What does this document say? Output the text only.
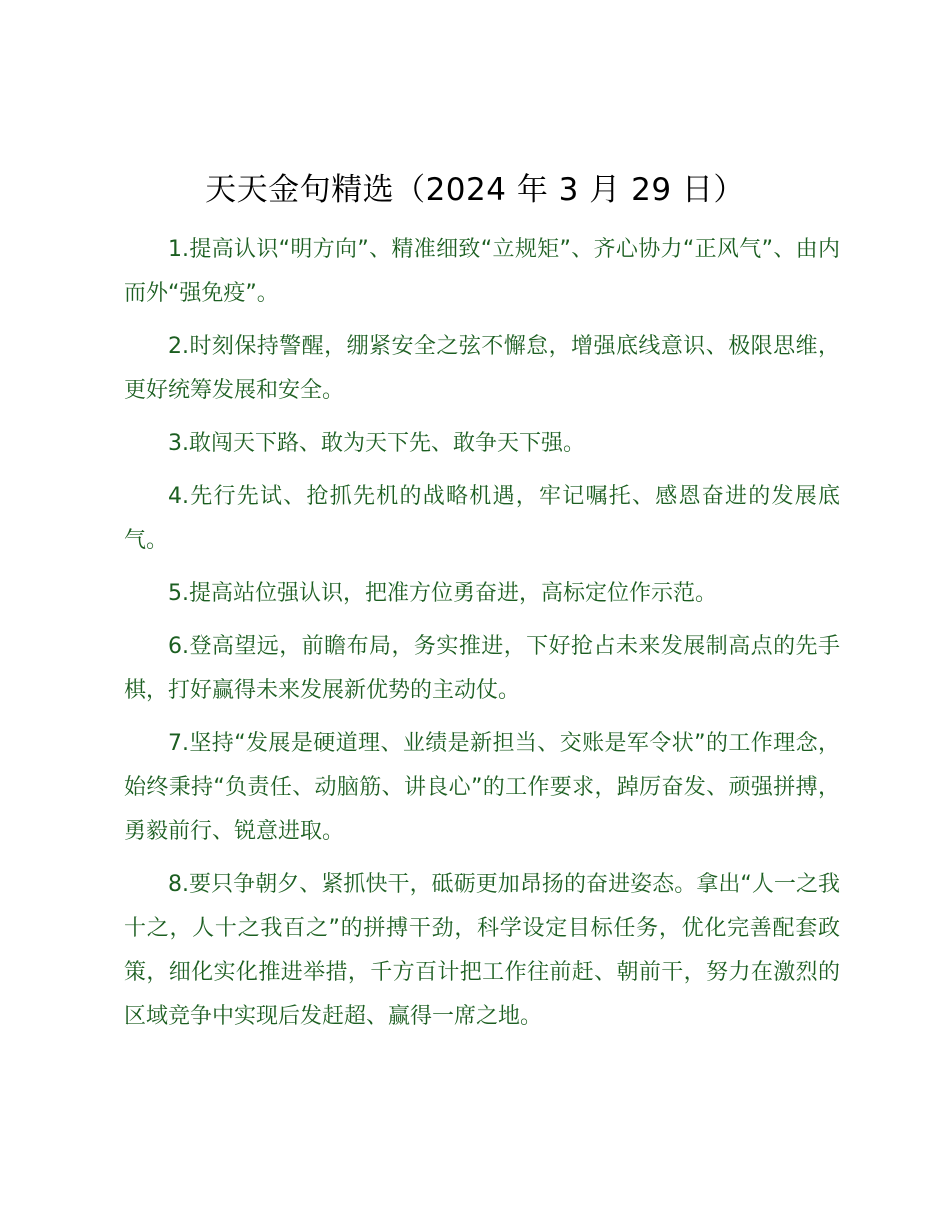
天天金句精选（2024 年 3 月 29 日）

1.提高认识“明方向”、精准细致“立规矩”、齐心协力“正风气”、由内而外“强免疫”。

2.时刻保持警醒，绷紧安全之弦不懈怠，增强底线意识、极限思维，更好统筹发展和安全。

3.敢闯天下路、敢为天下先、敢争天下强。

4.先行先试、抢抓先机的战略机遇，牢记嘱托、感恩奋进的发展底气。

5.提高站位强认识，把准方位勇奋进，高标定位作示范。

6.登高望远，前瞻布局，务实推进，下好抢占未来发展制高点的先手棋，打好赢得未来发展新优势的主动仗。

7.坚持“发展是硬道理、业绩是新担当、交账是军令状”的工作理念，始终秉持“负责任、动脑筋、讲良心”的工作要求，踔厉奋发、顽强拼搏，勇毅前行、锐意进取。

8.要只争朝夕、紧抓快干，砥砺更加昂扬的奋进姿态。拿出“人一之我十之，人十之我百之”的拼搏干劲，科学设定目标任务，优化完善配套政策，细化实化推进举措，千方百计把工作往前赶、朝前干，努力在激烈的区域竞争中实现后发赶超、赢得一席之地。
